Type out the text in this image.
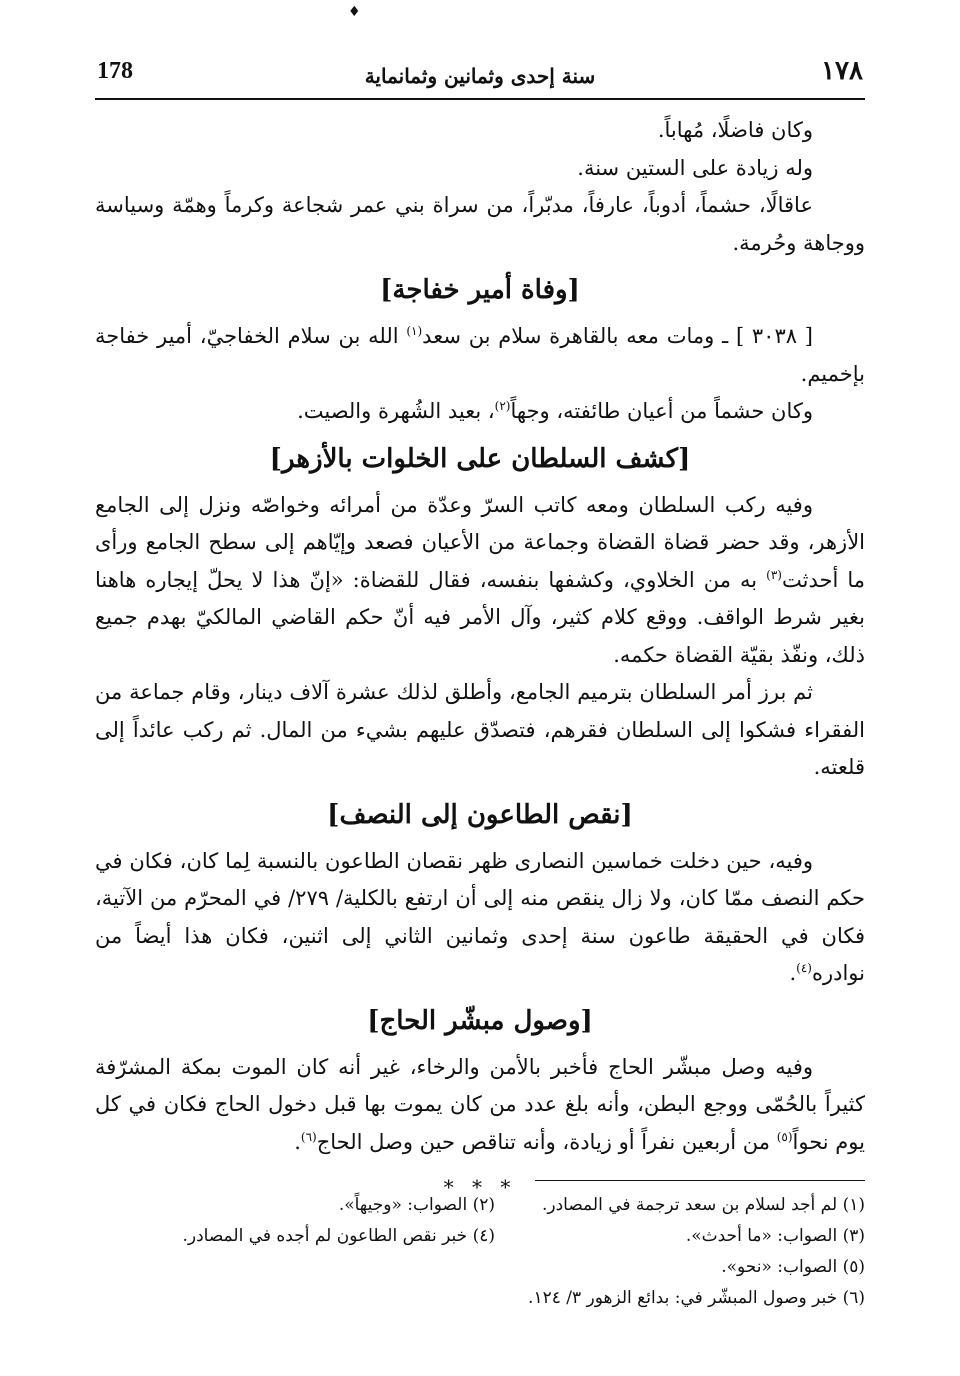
♦
178	سنة إحدى وثمانين وثمانماية	١٧٨

وكان فاضلًا، مُهاباً.

وله زيادة على الستين سنة.

عاقالًا، حشماً، أدوباً، عارفاً، مدبّراً، من سراة بني عمر شجاعة وكرماً وهمّة وسياسة ووجاهة وحُرمة.

[وفاة أمير خفاجة]

[ ٣٠٣٨ ] ـ ومات معه بالقاهرة سلام بن سعد$^{(١)}$ الله بن سلام الخفاجيّ، أمير خفاجة بإخميم.

وكان حشماً من أعيان طائفته، وجهاً$^{(٢)}$، بعيد الشُهرة والصيت.

[كشف السلطان على الخلوات بالأزهر]

وفيه ركب السلطان ومعه كاتب السرّ وعدّة من أمرائه وخواصّه ونزل إلى الجامع الأزهر، وقد حضر قضاة القضاة وجماعة من الأعيان فصعد وإيّاهم إلى سطح الجامع ورأى ما أحدثت$^{(٣)}$ به من الخلاوي، وكشفها بنفسه، فقال للقضاة: «إنّ هذا لا يحلّ إيجاره هاهنا بغير شرط الواقف. ووقع كلام كثير، وآل الأمر فيه أنّ حكم القاضي المالكيّ بهدم جميع ذلك، ونفّذ بقيّة القضاة حكمه.

ثم برز أمر السلطان بترميم الجامع، وأطلق لذلك عشرة آلاف دينار، وقام جماعة من الفقراء فشكوا إلى السلطان فقرهم، فتصدّق عليهم بشيء من المال. ثم ركب عائداً إلى قلعته.

[نقص الطاعون إلى النصف]

وفيه، حين دخلت خماسين النصارى ظهر نقصان الطاعون بالنسبة لِما كان، فكان في حكم النصف ممّا كان، ولا زال ينقص منه إلى أن ارتفع بالكلية/ ٢٧٩/ في المحرّم من الآتية، فكان في الحقيقة طاعون سنة إحدى وثمانين الثاني إلى اثنين، فكان هذا أيضاً من نوادره$^{(٤)}$.

[وصول مبشّر الحاج]

وفيه وصل مبشّر الحاج فأخبر بالأمن والرخاء، غير أنه كان الموت بمكة المشرّفة كثيراً بالحُمّى ووجع البطن، وأنه بلغ عدد من كان يموت بها قبل دخول الحاج فكان في كل يوم نحواً$^{(٥)}$ من أربعين نفراً أو زيادة، وأنه تناقص حين وصل الحاج$^{(٦)}$.

* * *
(١) لم أجد لسلام بن سعد ترجمة في المصادر.
(٢) الصواب: «وجيهاً».
(٣) الصواب: «ما أحدث».
(٤) خبر نقص الطاعون لم أجده في المصادر.
(٥) الصواب: «نحو».
(٦) خبر وصول المبشّر في: بدائع الزهور ٣/ ١٢٤.
